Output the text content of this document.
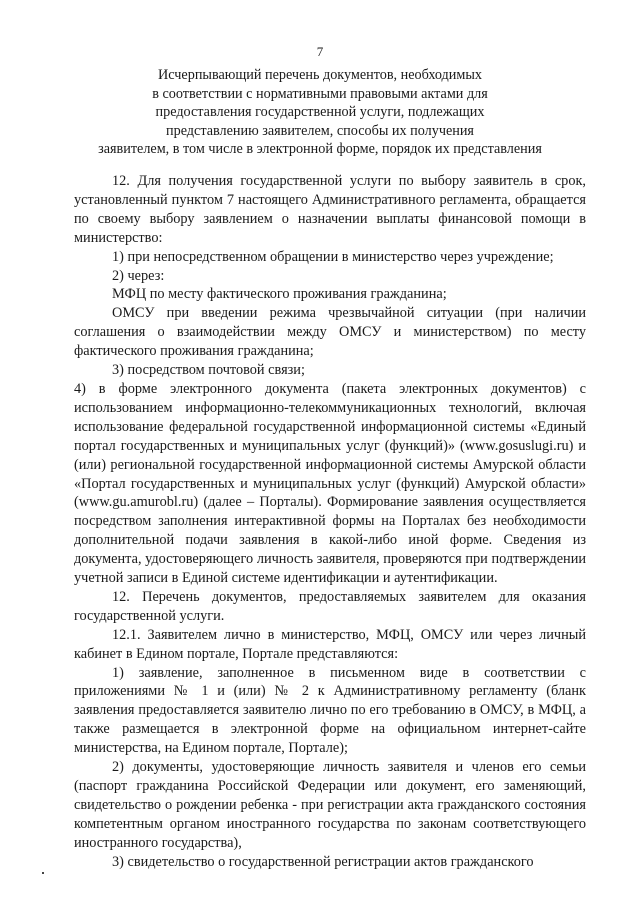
7
Исчерпывающий перечень документов, необходимых
в соответствии с нормативными правовыми актами для
предоставления государственной услуги, подлежащих
представлению заявителем, способы их получения
заявителем, в том числе в электронной форме, порядок их представления

12. Для получения государственной услуги по выбору заявитель в срок, установленный пунктом 7 настоящего Административного регламента, обращается по своему выбору заявлением о назначении выплаты финансовой помощи в министерство:

1) при непосредственном обращении в министерство через учреждение;

2) через:

МФЦ по месту фактического проживания гражданина;

ОМСУ при введении режима чрезвычайной ситуации (при наличии соглашения о взаимодействии между ОМСУ и министерством) по месту фактического проживания гражданина;

3) посредством почтовой связи;

4) в форме электронного документа (пакета электронных документов) с использованием информационно-телекоммуникационных технологий, включая использование федеральной государственной информационной системы «Единый портал государственных и муниципальных услуг (функций)» (www.gosuslugi.ru) и (или) региональной государственной информационной системы Амурской области «Портал государственных и муниципальных услуг (функций) Амурской области» (www.gu.amurobl.ru) (далее – Порталы). Формирование заявления осуществляется посредством заполнения интерактивной формы на Порталах без необходимости дополнительной подачи заявления в какой-либо иной форме. Сведения из документа, удостоверяющего личность заявителя, проверяются при подтверждении учетной записи в Единой системе идентификации и аутентификации.

12. Перечень документов, предоставляемых заявителем для оказания государственной услуги.

12.1. Заявителем лично в министерство, МФЦ, ОМСУ или через личный кабинет в Едином портале, Портале представляются:

1) заявление, заполненное в письменном виде в соответствии с приложениями № 1 и (или) № 2 к Административному регламенту (бланк заявления предоставляется заявителю лично по его требованию в ОМСУ, в МФЦ, а также размещается в электронной форме на официальном интернет-сайте министерства, на Едином портале, Портале);

2) документы, удостоверяющие личность заявителя и членов его семьи (паспорт гражданина Российской Федерации или документ, его заменяющий, свидетельство о рождении ребенка - при регистрации акта гражданского состояния компетентным органом иностранного государства по законам соответствующего иностранного государства),

3) свидетельство о государственной регистрации актов гражданского
